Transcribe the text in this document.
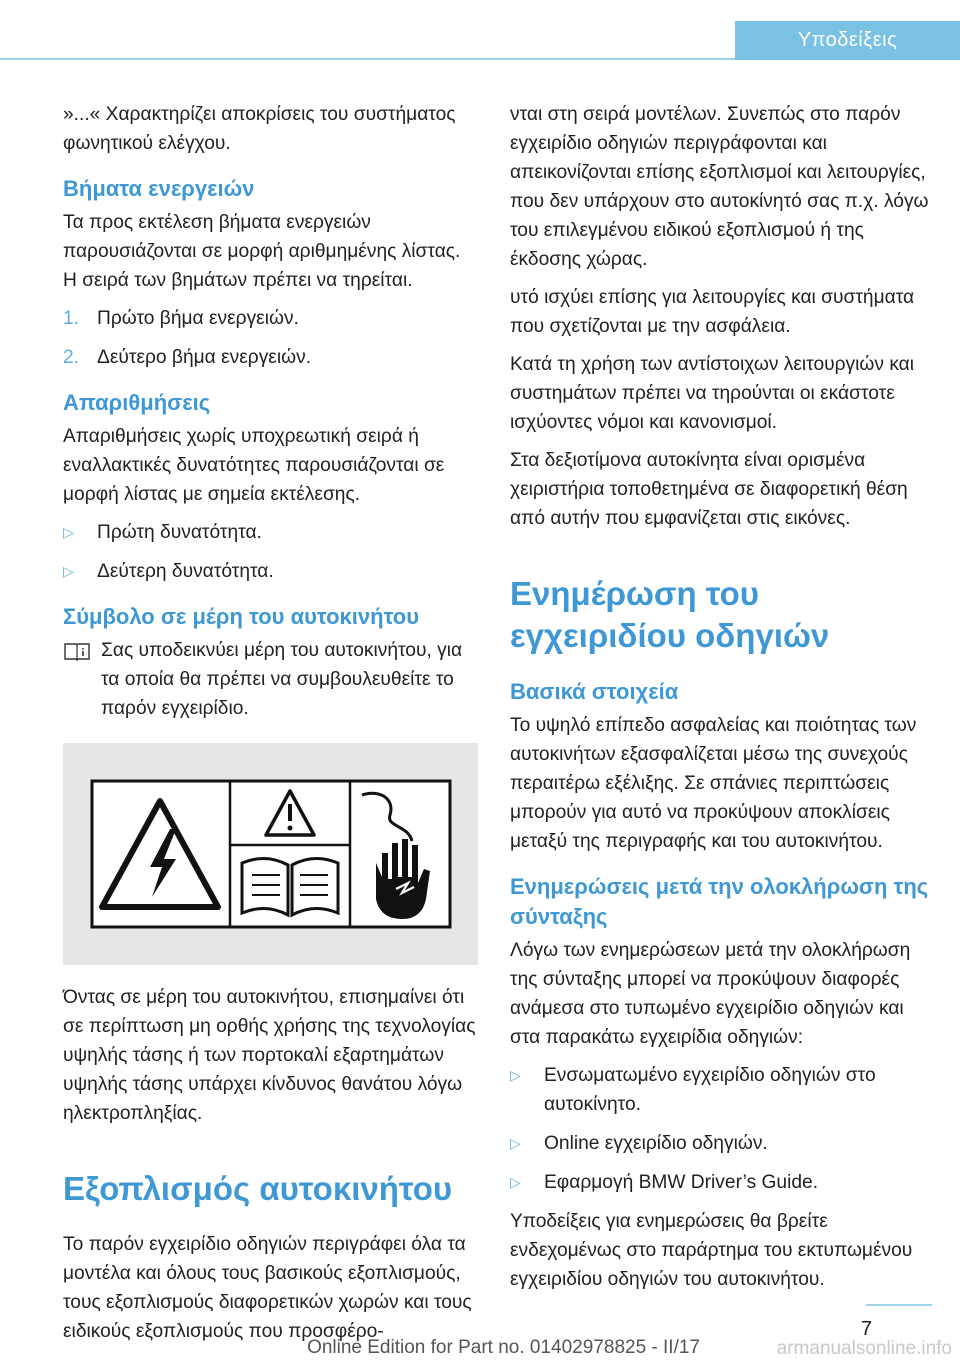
Υποδείξεις

»...« Χαρακτηρίζει αποκρίσεις του συστήματος φωνητικού ελέγχου.

Βήματα ενεργειών

Τα προς εκτέλεση βήματα ενεργειών παρουσιάζονται σε μορφή αριθμημένης λίστας. Η σειρά των βημάτων πρέπει να τηρείται.

1. Πρώτο βήμα ενεργειών.
2. Δεύτερο βήμα ενεργειών.
Απαριθμήσεις

Απαριθμήσεις χωρίς υποχρεωτική σειρά ή εναλλακτικές δυνατότητες παρουσιάζονται σε μορφή λίστας με σημεία εκτέλεσης.

▷	Πρώτη δυνατότητα.
▷	Δεύτερη δυνατότητα.
Σύμβολο σε μέρη του αυτοκινήτου
Σας υποδεικνύει μέρη του αυτοκινήτου, για τα οποία θα πρέπει να συμβουλευθείτε το παρόν εγχειρίδιο.

Όντας σε μέρη του αυτοκινήτου, επισημαίνει ότι σε περίπτωση μη ορθής χρήσης της τεχνολογίας υψηλής τάσης ή των πορτοκαλί εξαρτημάτων υψηλής τάσης υπάρχει κίνδυνος θανάτου λόγω ηλεκτροπληξίας.

Εξοπλισμός αυτοκινήτου

Το παρόν εγχειρίδιο οδηγιών περιγράφει όλα τα μοντέλα και όλους τους βασικούς εξοπλισμούς, τους εξοπλισμούς διαφορετικών χωρών και τους ειδικούς εξοπλισμούς που προσφέρο-

νται στη σειρά μοντέλων. Συνεπώς στο παρόν εγχειρίδιο οδηγιών περιγράφονται και απεικονίζονται επίσης εξοπλισμοί και λειτουργίες, που δεν υπάρχουν στο αυτοκίνητό σας π.χ. λόγω του επιλεγμένου ειδικού εξοπλισμού ή της έκδοσης χώρας.

υτό ισχύει επίσης για λειτουργίες και συστήματα που σχετίζονται με την ασφάλεια.

Κατά τη χρήση των αντίστοιχων λειτουργιών και συστημάτων πρέπει να τηρούνται οι εκάστοτε ισχύοντες νόμοι και κανονισμοί.

Στα δεξιοτίμονα αυτοκίνητα είναι ορισμένα χειριστήρια τοποθετημένα σε διαφορετική θέση από αυτήν που εμφανίζεται στις εικόνες.

Ενημέρωση του εγχειριδίου οδηγιών
Βασικά στοιχεία

Το υψηλό επίπεδο ασφαλείας και ποιότητας των αυτοκινήτων εξασφαλίζεται μέσω της συνεχούς περαιτέρω εξέλιξης. Σε σπάνιες περιπτώσεις μπορούν για αυτό να προκύψουν αποκλίσεις μεταξύ της περιγραφής και του αυτοκινήτου.

Ενημερώσεις μετά την ολοκλήρωση της σύνταξης

Λόγω των ενημερώσεων μετά την ολοκλήρωση της σύνταξης μπορεί να προκύψουν διαφορές ανάμεσα στο τυπωμένο εγχειρίδιο οδηγιών και στα παρακάτω εγχειρίδια οδηγιών:

▷	Ενσωματωμένο εγχειρίδιο οδηγιών στο αυτοκίνητο.
▷	Online εγχειρίδιο οδηγιών.
▷	Εφαρμογή BMW Driver’s Guide.

Υποδείξεις για ενημερώσεις θα βρείτε ενδεχομένως στο παράρτημα του εκτυπωμένου εγχειριδίου οδηγιών του αυτοκινήτου.

7
Online Edition for Part no. 01402978825 - II/17	armanualsonline.info
